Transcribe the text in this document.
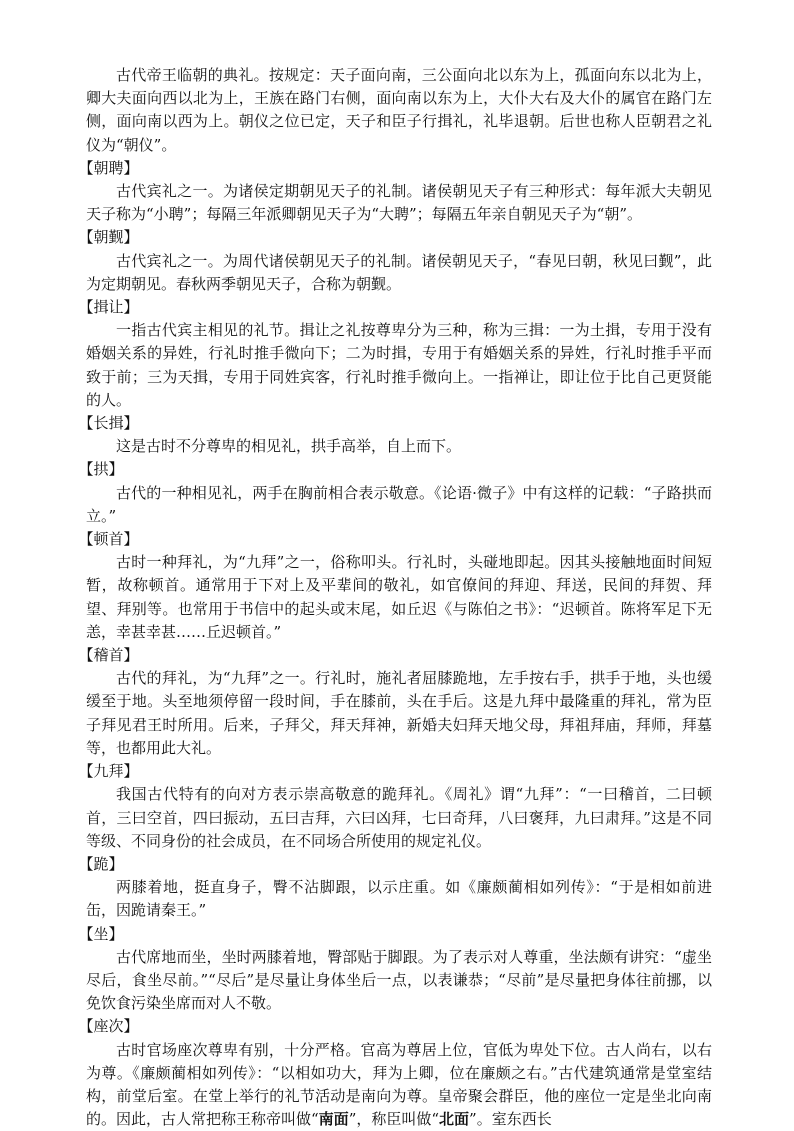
古代帝王临朝的典礼。按规定：天子面向南，三公面向北以东为上，孤面向东以北为上，卿大夫面向西以北为上，王族在路门右侧，面向南以东为上，大仆大右及大仆的属官在路门左侧，面向南以西为上。朝仪之位已定，天子和臣子行揖礼，礼毕退朝。后世也称人臣朝君之礼仪为“朝仪”。

【朝聘】

古代宾礼之一。为诸侯定期朝见天子的礼制。诸侯朝见天子有三种形式：每年派大夫朝见天子称为“小聘”；每隔三年派卿朝见天子为“大聘”；每隔五年亲自朝见天子为“朝”。

【朝觐】

古代宾礼之一。为周代诸侯朝见天子的礼制。诸侯朝见天子，“春见曰朝，秋见曰觐”，此为定期朝见。春秋两季朝见天子，合称为朝觐。

【揖让】

一指古代宾主相见的礼节。揖让之礼按尊卑分为三种，称为三揖：一为土揖，专用于没有婚姻关系的异姓，行礼时推手微向下；二为时揖，专用于有婚姻关系的异姓，行礼时推手平而致于前；三为天揖，专用于同姓宾客，行礼时推手微向上。一指禅让，即让位于比自己更贤能的人。

【长揖】

这是古时不分尊卑的相见礼，拱手高举，自上而下。

【拱】

古代的一种相见礼，两手在胸前相合表示敬意。《论语·微子》中有这样的记载：“子路拱而立。”

【顿首】

古时一种拜礼，为“九拜”之一，俗称叩头。行礼时，头碰地即起。因其头接触地面时间短暂，故称顿首。通常用于下对上及平辈间的敬礼，如官僚间的拜迎、拜送，民间的拜贺、拜望、拜别等。也常用于书信中的起头或末尾，如丘迟《与陈伯之书》：“迟顿首。陈将军足下无恙，幸甚幸甚……丘迟顿首。”

【稽首】

古代的拜礼，为“九拜”之一。行礼时，施礼者屈膝跪地，左手按右手，拱手于地，头也缓缓至于地。头至地须停留一段时间，手在膝前，头在手后。这是九拜中最隆重的拜礼，常为臣子拜见君王时所用。后来，子拜父，拜天拜神，新婚夫妇拜天地父母，拜祖拜庙，拜师，拜墓等，也都用此大礼。

【九拜】

我国古代特有的向对方表示崇高敬意的跪拜礼。《周礼》谓“九拜”：“一曰稽首，二曰顿首，三曰空首，四曰振动，五曰吉拜，六曰凶拜，七曰奇拜，八曰褒拜，九曰肃拜。”这是不同等级、不同身份的社会成员，在不同场合所使用的规定礼仪。

【跪】

两膝着地，挺直身子，臀不沾脚跟，以示庄重。如《廉颇蔺相如列传》：“于是相如前进缶，因跪请秦王。”

【坐】

古代席地而坐，坐时两膝着地，臀部贴于脚跟。为了表示对人尊重，坐法颇有讲究：“虚坐尽后，食坐尽前。”“尽后”是尽量让身体坐后一点，以表谦恭；“尽前”是尽量把身体往前挪，以免饮食污染坐席而对人不敬。

【座次】

古时官场座次尊卑有别，十分严格。官高为尊居上位，官低为卑处下位。古人尚右，以右为尊。《廉颇蔺相如列传》：“以相如功大，拜为上卿，位在廉颇之右。”古代建筑通常是堂室结构，前堂后室。在堂上举行的礼节活动是南向为尊。皇帝聚会群臣，他的座位一定是坐北向南的。因此，古人常把称王称帝叫做“南面”，称臣叫做“北面”。室东西长
